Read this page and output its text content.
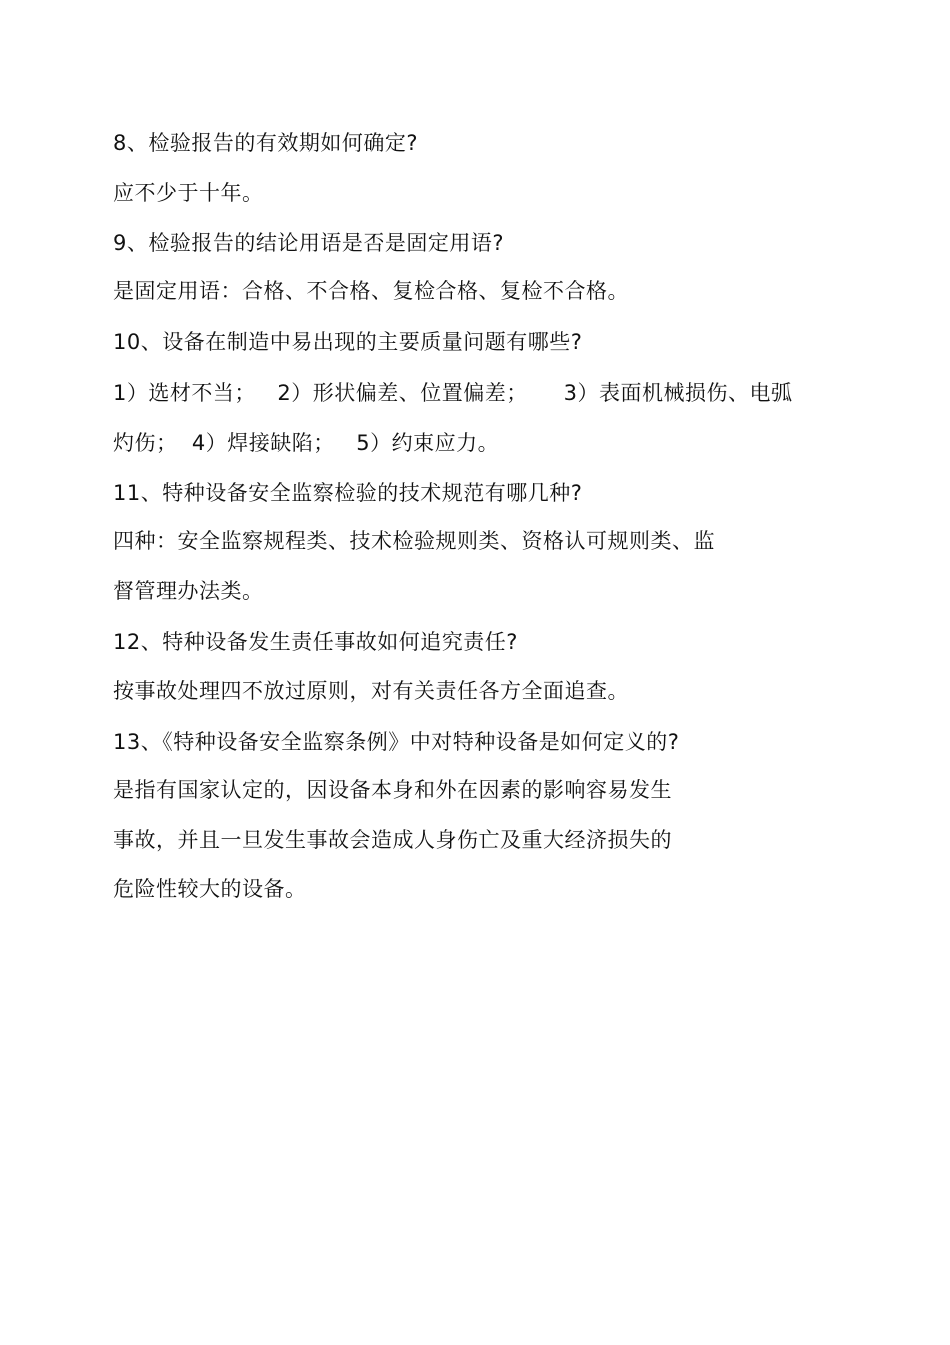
8、检验报告的有效期如何确定?
应不少于十年。
9、检验报告的结论用语是否是固定用语?
是固定用语：合格、不合格、复检合格、复检不合格。
10、设备在制造中易出现的主要质量问题有哪些?
1）选材不当；   2）形状偏差、位置偏差；     3）表面机械损伤、电弧
灼伤；  4）焊接缺陷；   5）约束应力。
11、特种设备安全监察检验的技术规范有哪几种?
四种：安全监察规程类、技术检验规则类、资格认可规则类、监
督管理办法类。
12、特种设备发生责任事故如何追究责任?
按事故处理四不放过原则，对有关责任各方全面追查。
13、《特种设备安全监察条例》中对特种设备是如何定义的?
是指有国家认定的，因设备本身和外在因素的影响容易发生
事故，并且一旦发生事故会造成人身伤亡及重大经济损失的
危险性较大的设备。
